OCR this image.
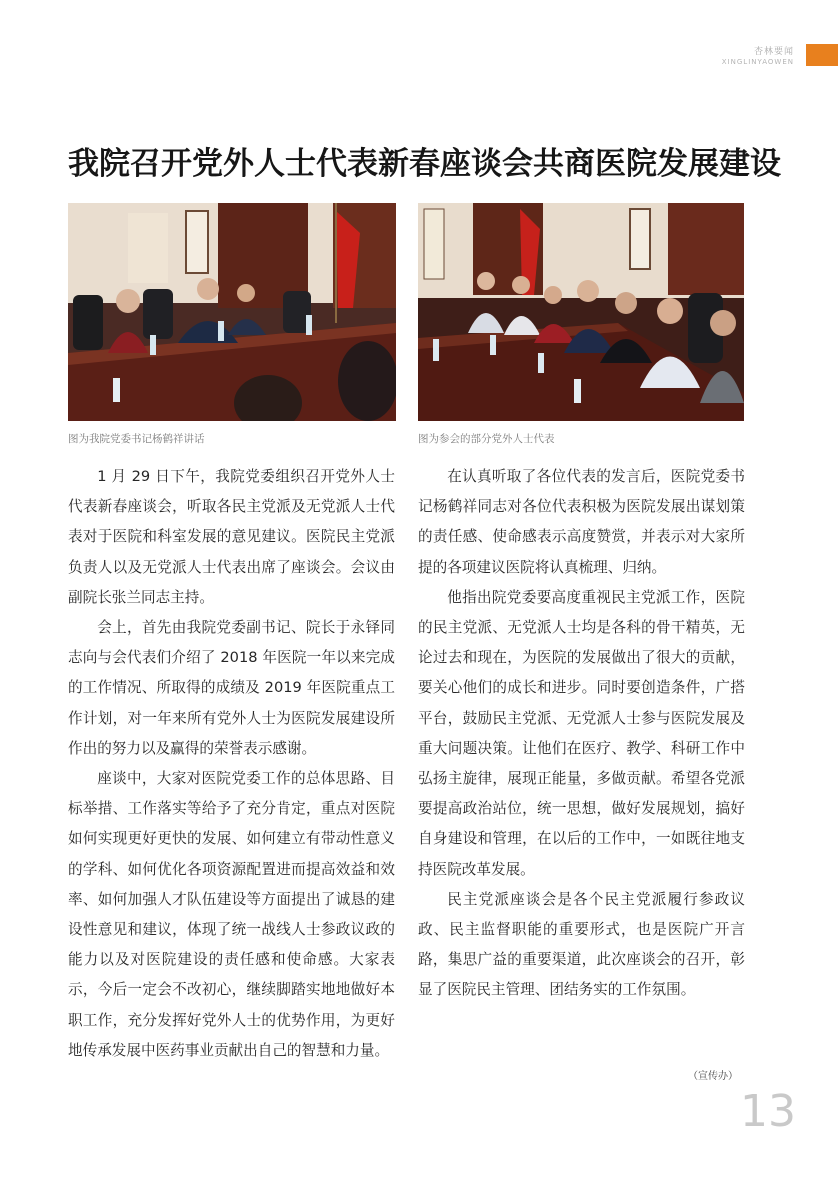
杏林要闻
XINGLINYAOWEN
我院召开党外人士代表新春座谈会共商医院发展建设
图为我院党委书记杨鹤祥讲话	图为参会的部分党外人士代表

1 月 29 日下午，我院党委组织召开党外人士代表新春座谈会，听取各民主党派及无党派人士代表对于医院和科室发展的意见建议。医院民主党派负责人以及无党派人士代表出席了座谈会。会议由副院长张兰同志主持。

会上，首先由我院党委副书记、院长于永铎同志向与会代表们介绍了 2018 年医院一年以来完成的工作情况、所取得的成绩及 2019 年医院重点工作计划，对一年来所有党外人士为医院发展建设所作出的努力以及赢得的荣誉表示感谢。

座谈中，大家对医院党委工作的总体思路、目标举措、工作落实等给予了充分肯定，重点对医院如何实现更好更快的发展、如何建立有带动性意义的学科、如何优化各项资源配置进而提高效益和效率、如何加强人才队伍建设等方面提出了诚恳的建设性意见和建议，体现了统一战线人士参政议政的能力以及对医院建设的责任感和使命感。大家表示，今后一定会不改初心，继续脚踏实地地做好本职工作，充分发挥好党外人士的优势作用，为更好地传承发展中医药事业贡献出自己的智慧和力量。

在认真听取了各位代表的发言后，医院党委书记杨鹤祥同志对各位代表积极为医院发展出谋划策的责任感、使命感表示高度赞赏，并表示对大家所提的各项建议医院将认真梳理、归纳。

他指出院党委要高度重视民主党派工作，医院的民主党派、无党派人士均是各科的骨干精英，无论过去和现在，为医院的发展做出了很大的贡献，要关心他们的成长和进步。同时要创造条件，广搭平台，鼓励民主党派、无党派人士参与医院发展及重大问题决策。让他们在医疗、教学、科研工作中弘扬主旋律，展现正能量，多做贡献。希望各党派要提高政治站位，统一思想，做好发展规划，搞好自身建设和管理，在以后的工作中，一如既往地支持医院改革发展。

民主党派座谈会是各个民主党派履行参政议政、民主监督职能的重要形式，也是医院广开言路，集思广益的重要渠道，此次座谈会的召开，彰显了医院民主管理、团结务实的工作氛围。

（宣传办）
13
